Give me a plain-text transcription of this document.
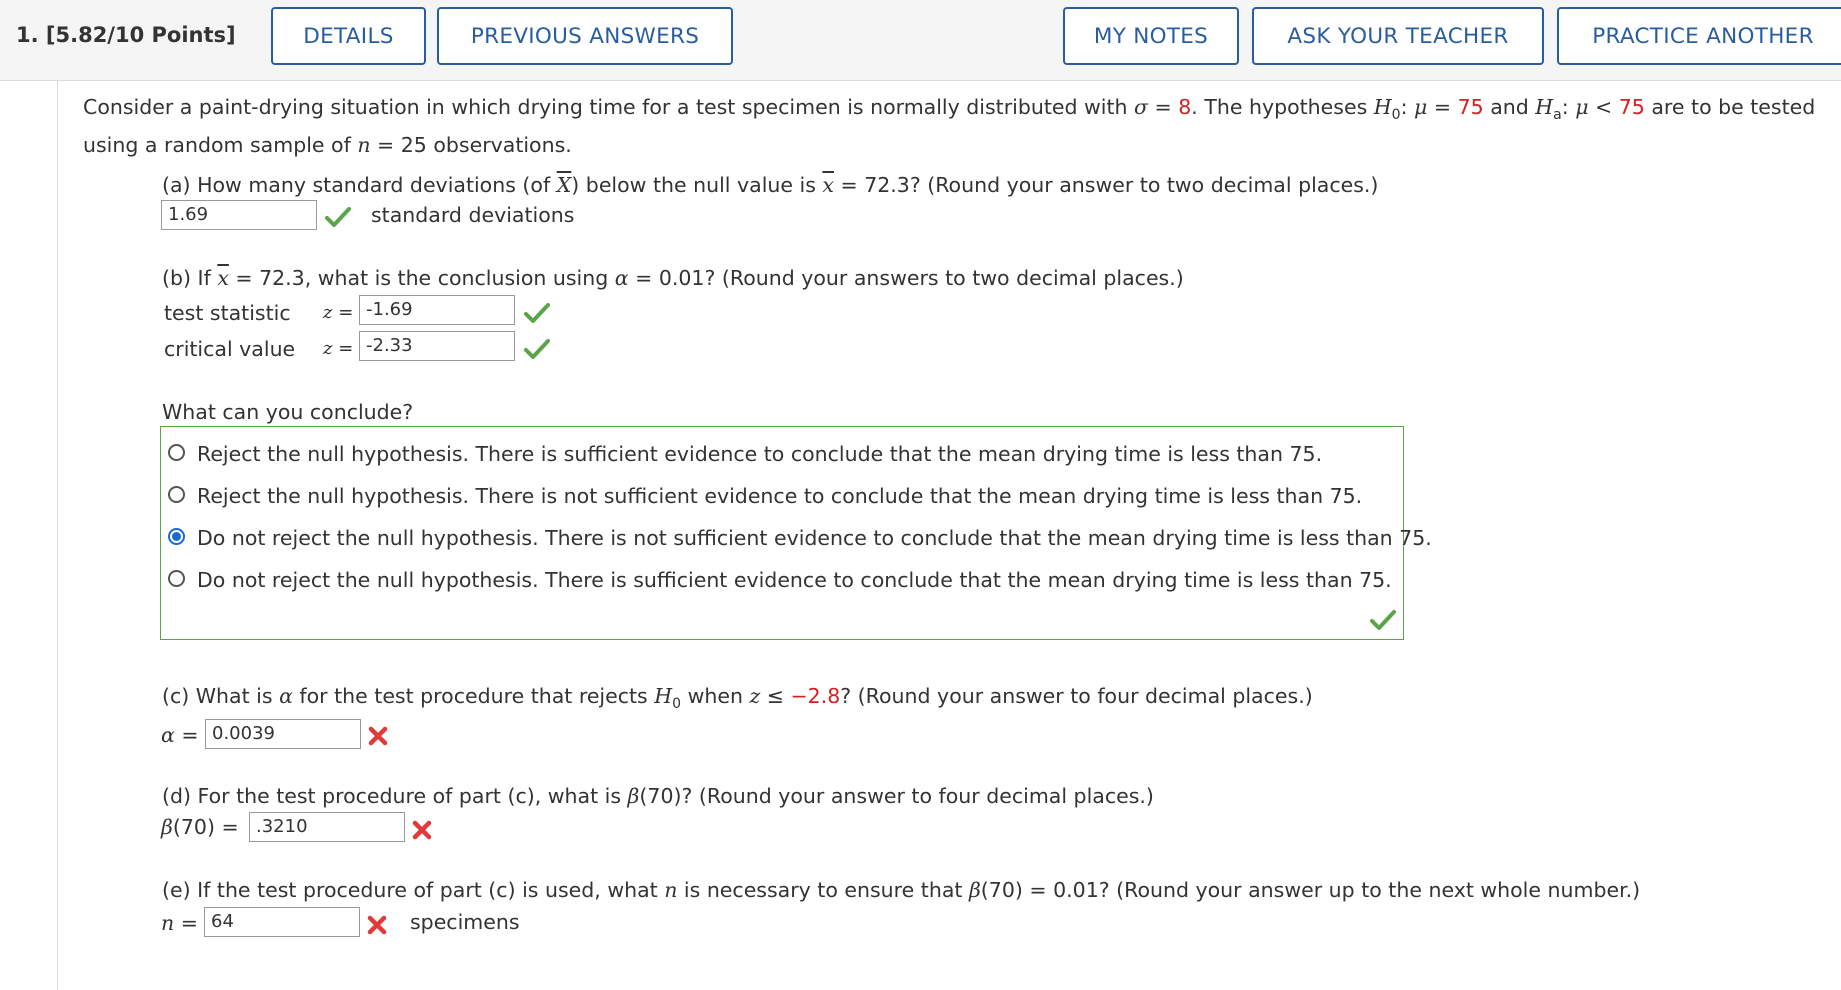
1. [5.82/10 Points]	DETAILS	PREVIOUS ANSWERS	MY NOTES	ASK YOUR TEACHER	PRACTICE ANOTHER
Consider a paint-drying situation in which drying time for a test specimen is normally distributed with σ = 8. The hypotheses $H_0$: μ = 75 and $H_a$: μ < 75 are to be tested
using a random sample of n = 25 observations.
(a) How many standard deviations (of $\overline{X}$) below the null value is $\overline{x} = 72.3$? (Round your answer to two decimal places.)
1.69	standard deviations
(b) If $\overline{x} = 72.3$, what is the conclusion using α = 0.01? (Round your answers to two decimal places.)
test statistic z = -1.69
critical value z = -2.33
What can you conclude?
Reject the null hypothesis. There is sufficient evidence to conclude that the mean drying time is less than 75.
Reject the null hypothesis. There is not sufficient evidence to conclude that the mean drying time is less than 75.
Do not reject the null hypothesis. There is not sufficient evidence to conclude that the mean drying time is less than 75.
Do not reject the null hypothesis. There is sufficient evidence to conclude that the mean drying time is less than 75.
(c) What is α for the test procedure that rejects $H_0$ when z ≤ −2.8? (Round your answer to four decimal places.)
α = 0.0039
(d) For the test procedure of part (c), what is β(70)? (Round your answer to four decimal places.)
β(70) = .3210
(e) If the test procedure of part (c) is used, what n is necessary to ensure that β(70) = 0.01? (Round your answer up to the next whole number.)
n = 64	specimens
